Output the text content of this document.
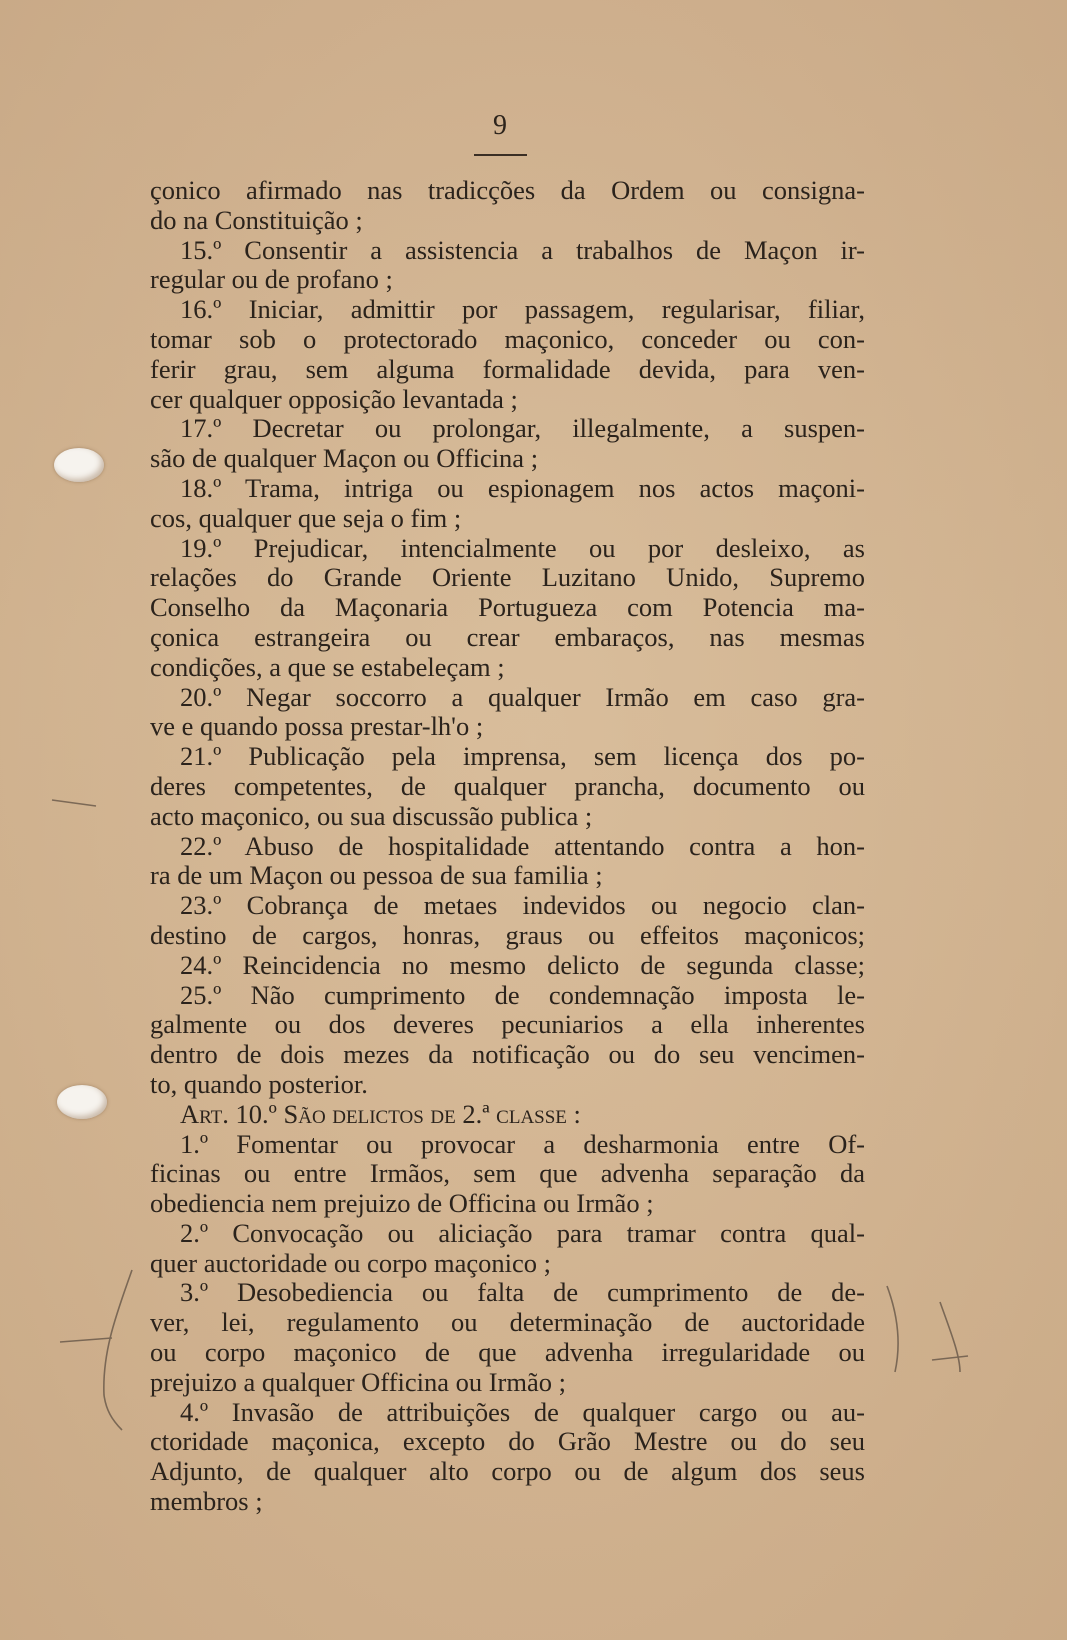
9
çonico afirmado nas tradicções da Ordem ou consigna-
do na Constituição ;
15.º Consentir a assistencia a trabalhos de Maçon ir-
regular ou de profano ;
16.º Iniciar, admittir por passagem, regularisar, filiar,
tomar sob o protectorado maçonico, conceder ou con-
ferir grau, sem alguma formalidade devida, para ven-
cer qualquer opposição levantada ;
17.º Decretar ou prolongar, illegalmente, a suspen-
são de qualquer Maçon ou Officina ;
18.º Trama, intriga ou espionagem nos actos maçoni-
cos, qualquer que seja o fim ;
19.º Prejudicar, intencialmente ou por desleixo, as
relações do Grande Oriente Luzitano Unido, Supremo
Conselho da Maçonaria Portugueza com Potencia ma-
çonica estrangeira ou crear embaraços, nas mesmas
condições, a que se estabeleçam ;
20.º Negar soccorro a qualquer Irmão em caso gra-
ve e quando possa prestar-lh'o ;
21.º Publicação pela imprensa, sem licença dos po-
deres competentes, de qualquer prancha, documento ou
acto maçonico, ou sua discussão publica ;
22.º Abuso de hospitalidade attentando contra a hon-
ra de um Maçon ou pessoa de sua familia ;
23.º Cobrança de metaes indevidos ou negocio clan-
destino de cargos, honras, graus ou effeitos maçonicos;
24.º Reincidencia no mesmo delicto de segunda classe;
25.º Não cumprimento de condemnação imposta le-
galmente ou dos deveres pecuniarios a ella inherentes
dentro de dois mezes da notificação ou do seu vencimen-
to, quando posterior.
Art. 10.º São delictos de 2.ª classe :
1.º Fomentar ou provocar a desharmonia entre Of-
ficinas ou entre Irmãos, sem que advenha separação da
obediencia nem prejuizo de Officina ou Irmão ;
2.º Convocação ou aliciação para tramar contra qual-
quer auctoridade ou corpo maçonico ;
3.º Desobediencia ou falta de cumprimento de de-
ver, lei, regulamento ou determinação de auctoridade
ou corpo maçonico de que advenha irregularidade ou
prejuizo a qualquer Officina ou Irmão ;
4.º Invasão de attribuições de qualquer cargo ou au-
ctoridade maçonica, excepto do Grão Mestre ou do seu
Adjunto, de qualquer alto corpo ou de algum dos seus
membros ;
